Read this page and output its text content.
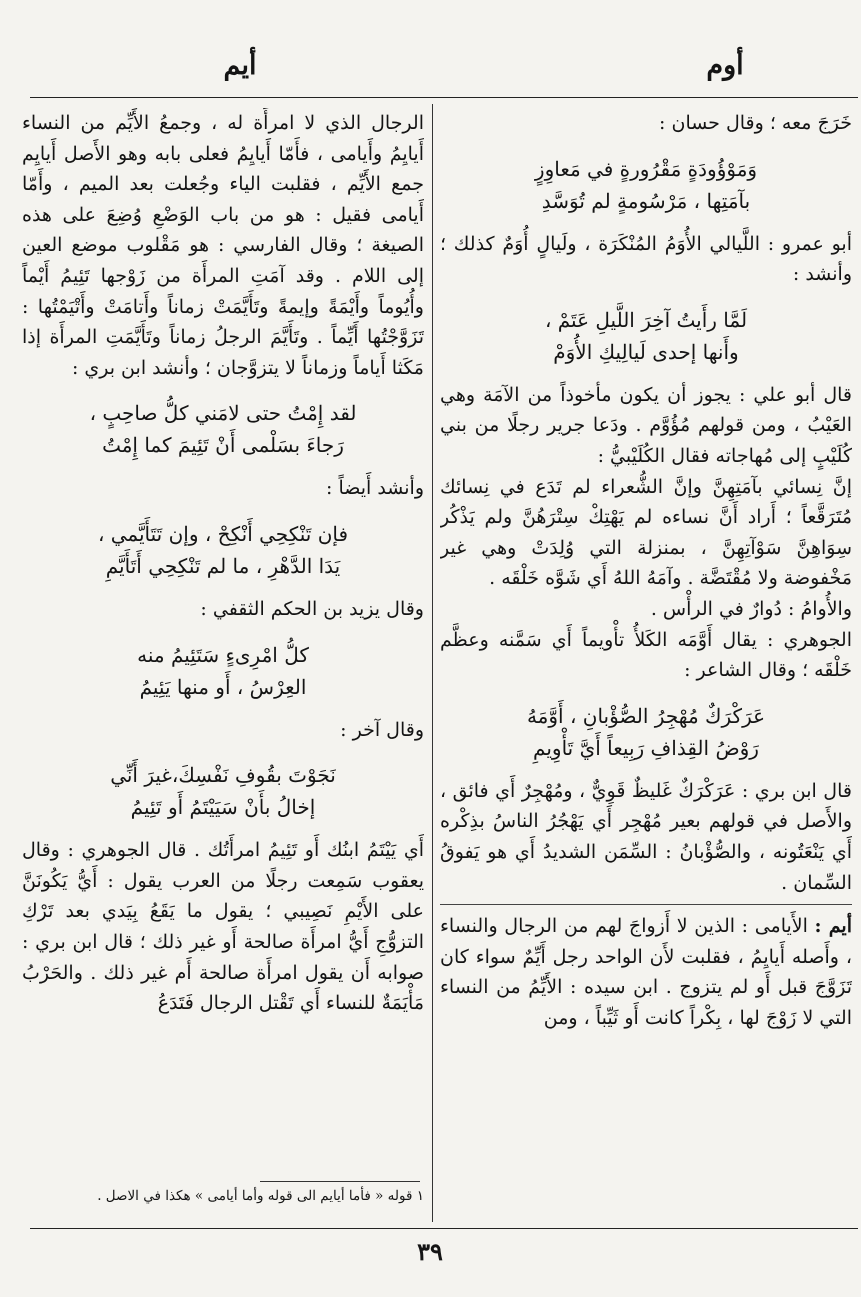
أوم
أيم

خَرَجَ معه ؛ وقال حسان :

وَمَوْؤُودَةٍ مَقْرُورةٍ في مَعاوِزٍ
بآمَتِها ، مَرْسُومةٍ لم تُوَسَّدِ

أبو عمرو : اللَّيالي الأُوَمُ المُنْكَرَة ، ولَيالٍ أُوَمٌ كذلك ؛ وأنشد :

لَمَّا رأَيتُ آخِرَ اللَّيلِ عَتَمْ ،
وأَنها إحدى لَيالِيكِ الأُوَمْ

قال أبو علي : يجوز أن يكون مأخوذاً من الآمَة وهي العَيْبُ ، ومن قولهم مُؤُوَّم . ودَعا جرير رجلًا من بني كُلَيْبٍ إلى مُهاجاته فقال الكُلَيْبيُّ :

إنَّ نِسائي بآمَتِهِنَّ وإنَّ الشُّعراء لم تَدَع في نِسائك مُتَرَقَّعاً ؛ أَراد أَنَّ نساءه لم يَهْتِكْ سِتْرَهُنَّ ولم يَذْكُر سِوَاهِنَّ سَوْآتِهِنَّ ، بمنزلة التي وُلِدَتْ وهي غير مَخْفوضة ولا مُقْتَضَّة . وآمَهُ اللهُ أَي شَوَّه خَلْقَه .

والأُوامُ : دُوارٌ في الرأْس .

الجوهري : يقال أَوَّمَه الكَلأُ تأْويماً أَي سَمَّنه وعظَّم خَلْقَه ؛ وقال الشاعر :

عَرَكْرَكٌ مُهْجِرُ الصُّؤْبانِ ، أَوَّمَهُ
رَوْضُ القِذافِ رَبِيعاً أَيَّ تَأْوِيمِ

قال ابن بري : عَرَكْرَكٌ غَليظٌ قَوِيٌّ ، ومُهْجِرٌ أَي فائق ، والأَصل في قولهم بعير مُهْجِر أَي يَهْجُرُ الناسُ بذِكْره أَي يَنْعَتُونه ، والصُّؤْبانُ : السِّمَن الشديدُ أَي هو يَفوقُ السِّمان .

أيم : الأَيامى : الذين لا أَزواجَ لهم من الرجال والنساء ، وأَصله أَيايِمُ ، فقلبت لأَن الواحد رجل أَيِّمٌ سواء كان تَزَوَّجَ قبل أَو لم يتزوج . ابن سيده : الأَيِّمُ من النساء التي لا زَوْجَ لها ، بِكْراً كانت أَو ثَيِّباً ، ومن

الرجال الذي لا امرأَة له ، وجمعُ الأَيِّم من النساء أَيايِمُ وأَيامى ، فأَمّا أَيايِمُ فعلى بابه وهو الأَصل أَيايِم جمع الأَيِّم ، فقلبت الياء وجُعلت بعد الميم ، وأَمّا أَيامى فقيل : هو من باب الوَضْعِ وُضِعَ على هذه الصيغة ؛ وقال الفارسي : هو مَقْلوب موضع العين إلى اللام . وقد آمَتِ المرأَة من زَوْجها تَئِيمُ أَيْماً وأُيُوماً وأَيْمَةً وإيمةً وتَأَيَّمَتْ زماناً وأَتامَتْ وأَتْيَمْتُها : تَزَوَّجْتُها أَيِّماً . وتَأَيَّمَ الرجلُ زماناً وتَأَيَّمَتِ المرأَة إذا مَكَثا أَياماً وزماناً لا يتزوَّجان ؛ وأنشد ابن بري :

لقد إِمْتُ حتى لامَني كلُّ صاحِبٍ ،
رَجاءَ بسَلْمى أَنْ تَئِيمَ كما إِمْتُ

وأنشد أَيضاً :

فإن تَنْكِحِي أَنْكِحْ ، وإن تَتَأَيَّمي ،
يَدَا الدَّهْرِ ، ما لم تَنْكِحِي أَتَأَيَّمِ

وقال يزيد بن الحكم الثقفي :

كلُّ امْرِىءٍ سَتَئِيمُ منه
العِرْسُ ، أَو منها يَئِيمُ

وقال آخر :

نَجَوْتَ بقُوفِ نَفْسِكَ،غيرَ أَنِّي
إخالُ بأَنْ سَيَيْتَمُ أَو تَئِيمُ

أَي يَيْتَمُ ابنُك أَو تَئِيمُ امرأَتُك . قال الجوهري : وقال يعقوب سَمِعت رجلًا من العرب يقول : أَيُّ يَكُونَنَّ على الأَيْمِ نَصِيبي ؛ يقول ما يَقَعُ بِيَدي بعد تَرْكِ التزوُّجِ أَيُّ امرأَة صالحة أَو غير ذلك ؛ قال ابن بري : صوابه أَن يقول امرأَة صالحة أَم غير ذلك . والحَرْبُ مَأْيَمَةٌ للنساء أَي تَقْتل الرجال فَتَدَعُ

١ قوله « فأما أيايم الى قوله وأما أيامى » هكذا في الاصل .
٣٩
